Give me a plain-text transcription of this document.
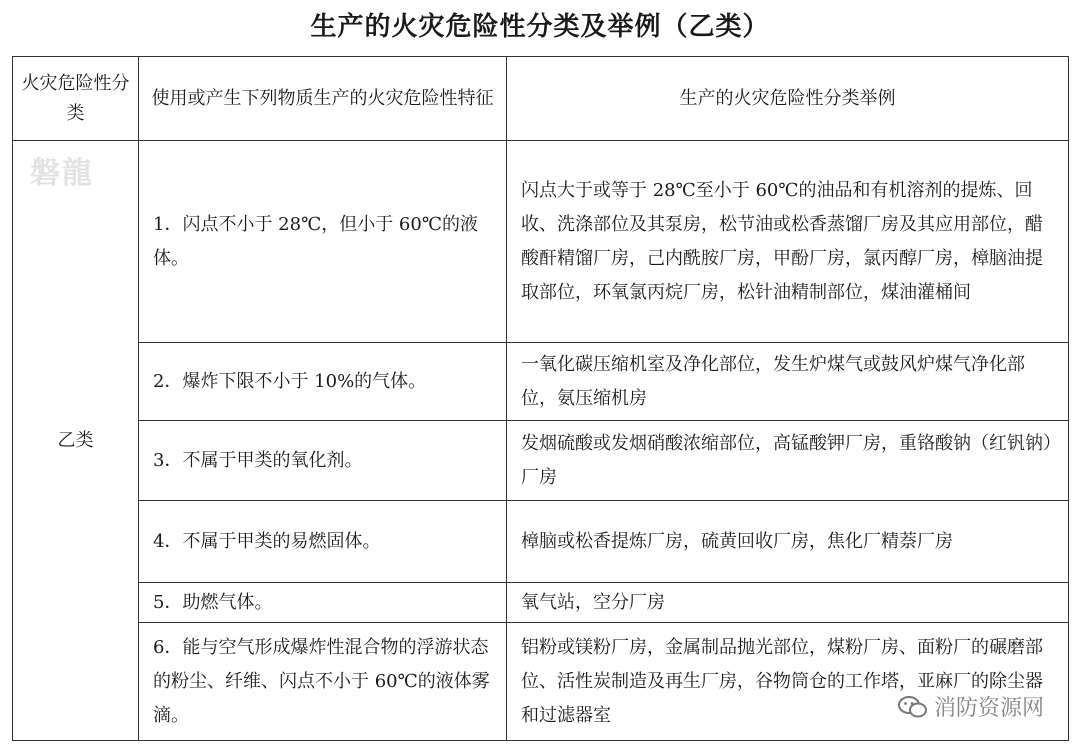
生产的火灾危险性分类及举例（乙类）
火灾危险性分类	使用或产生下列物质生产的火灾危险性特征	生产的火灾危险性分类举例
乙类	1．闪点不小于 28℃，但小于 60℃的液体。	闪点大于或等于 28℃至小于 60℃的油品和有机溶剂的提炼、回收、洗涤部位及其泵房，松节油或松香蒸馏厂房及其应用部位，醋酸酐精馏厂房，己内酰胺厂房，甲酚厂房，氯丙醇厂房，樟脑油提取部位，环氧氯丙烷厂房，松针油精制部位，煤油灌桶间
	2．爆炸下限不小于 10%的气体。	一氧化碳压缩机室及净化部位，发生炉煤气或鼓风炉煤气净化部位，氨压缩机房
	3．不属于甲类的氧化剂。	发烟硫酸或发烟硝酸浓缩部位，高锰酸钾厂房，重铬酸钠（红钒钠）厂房
	4．不属于甲类的易燃固体。	樟脑或松香提炼厂房，硫黄回收厂房，焦化厂精萘厂房
	5．助燃气体。	氧气站，空分厂房
	6．能与空气形成爆炸性混合物的浮游状态的粉尘、纤维、闪点不小于 60℃的液体雾滴。	铝粉或镁粉厂房，金属制品抛光部位，煤粉厂房、面粉厂的碾磨部位、活性炭制造及再生厂房，谷物筒仓的工作塔，亚麻厂的除尘器和过滤器室
磐龍
消防资源网
